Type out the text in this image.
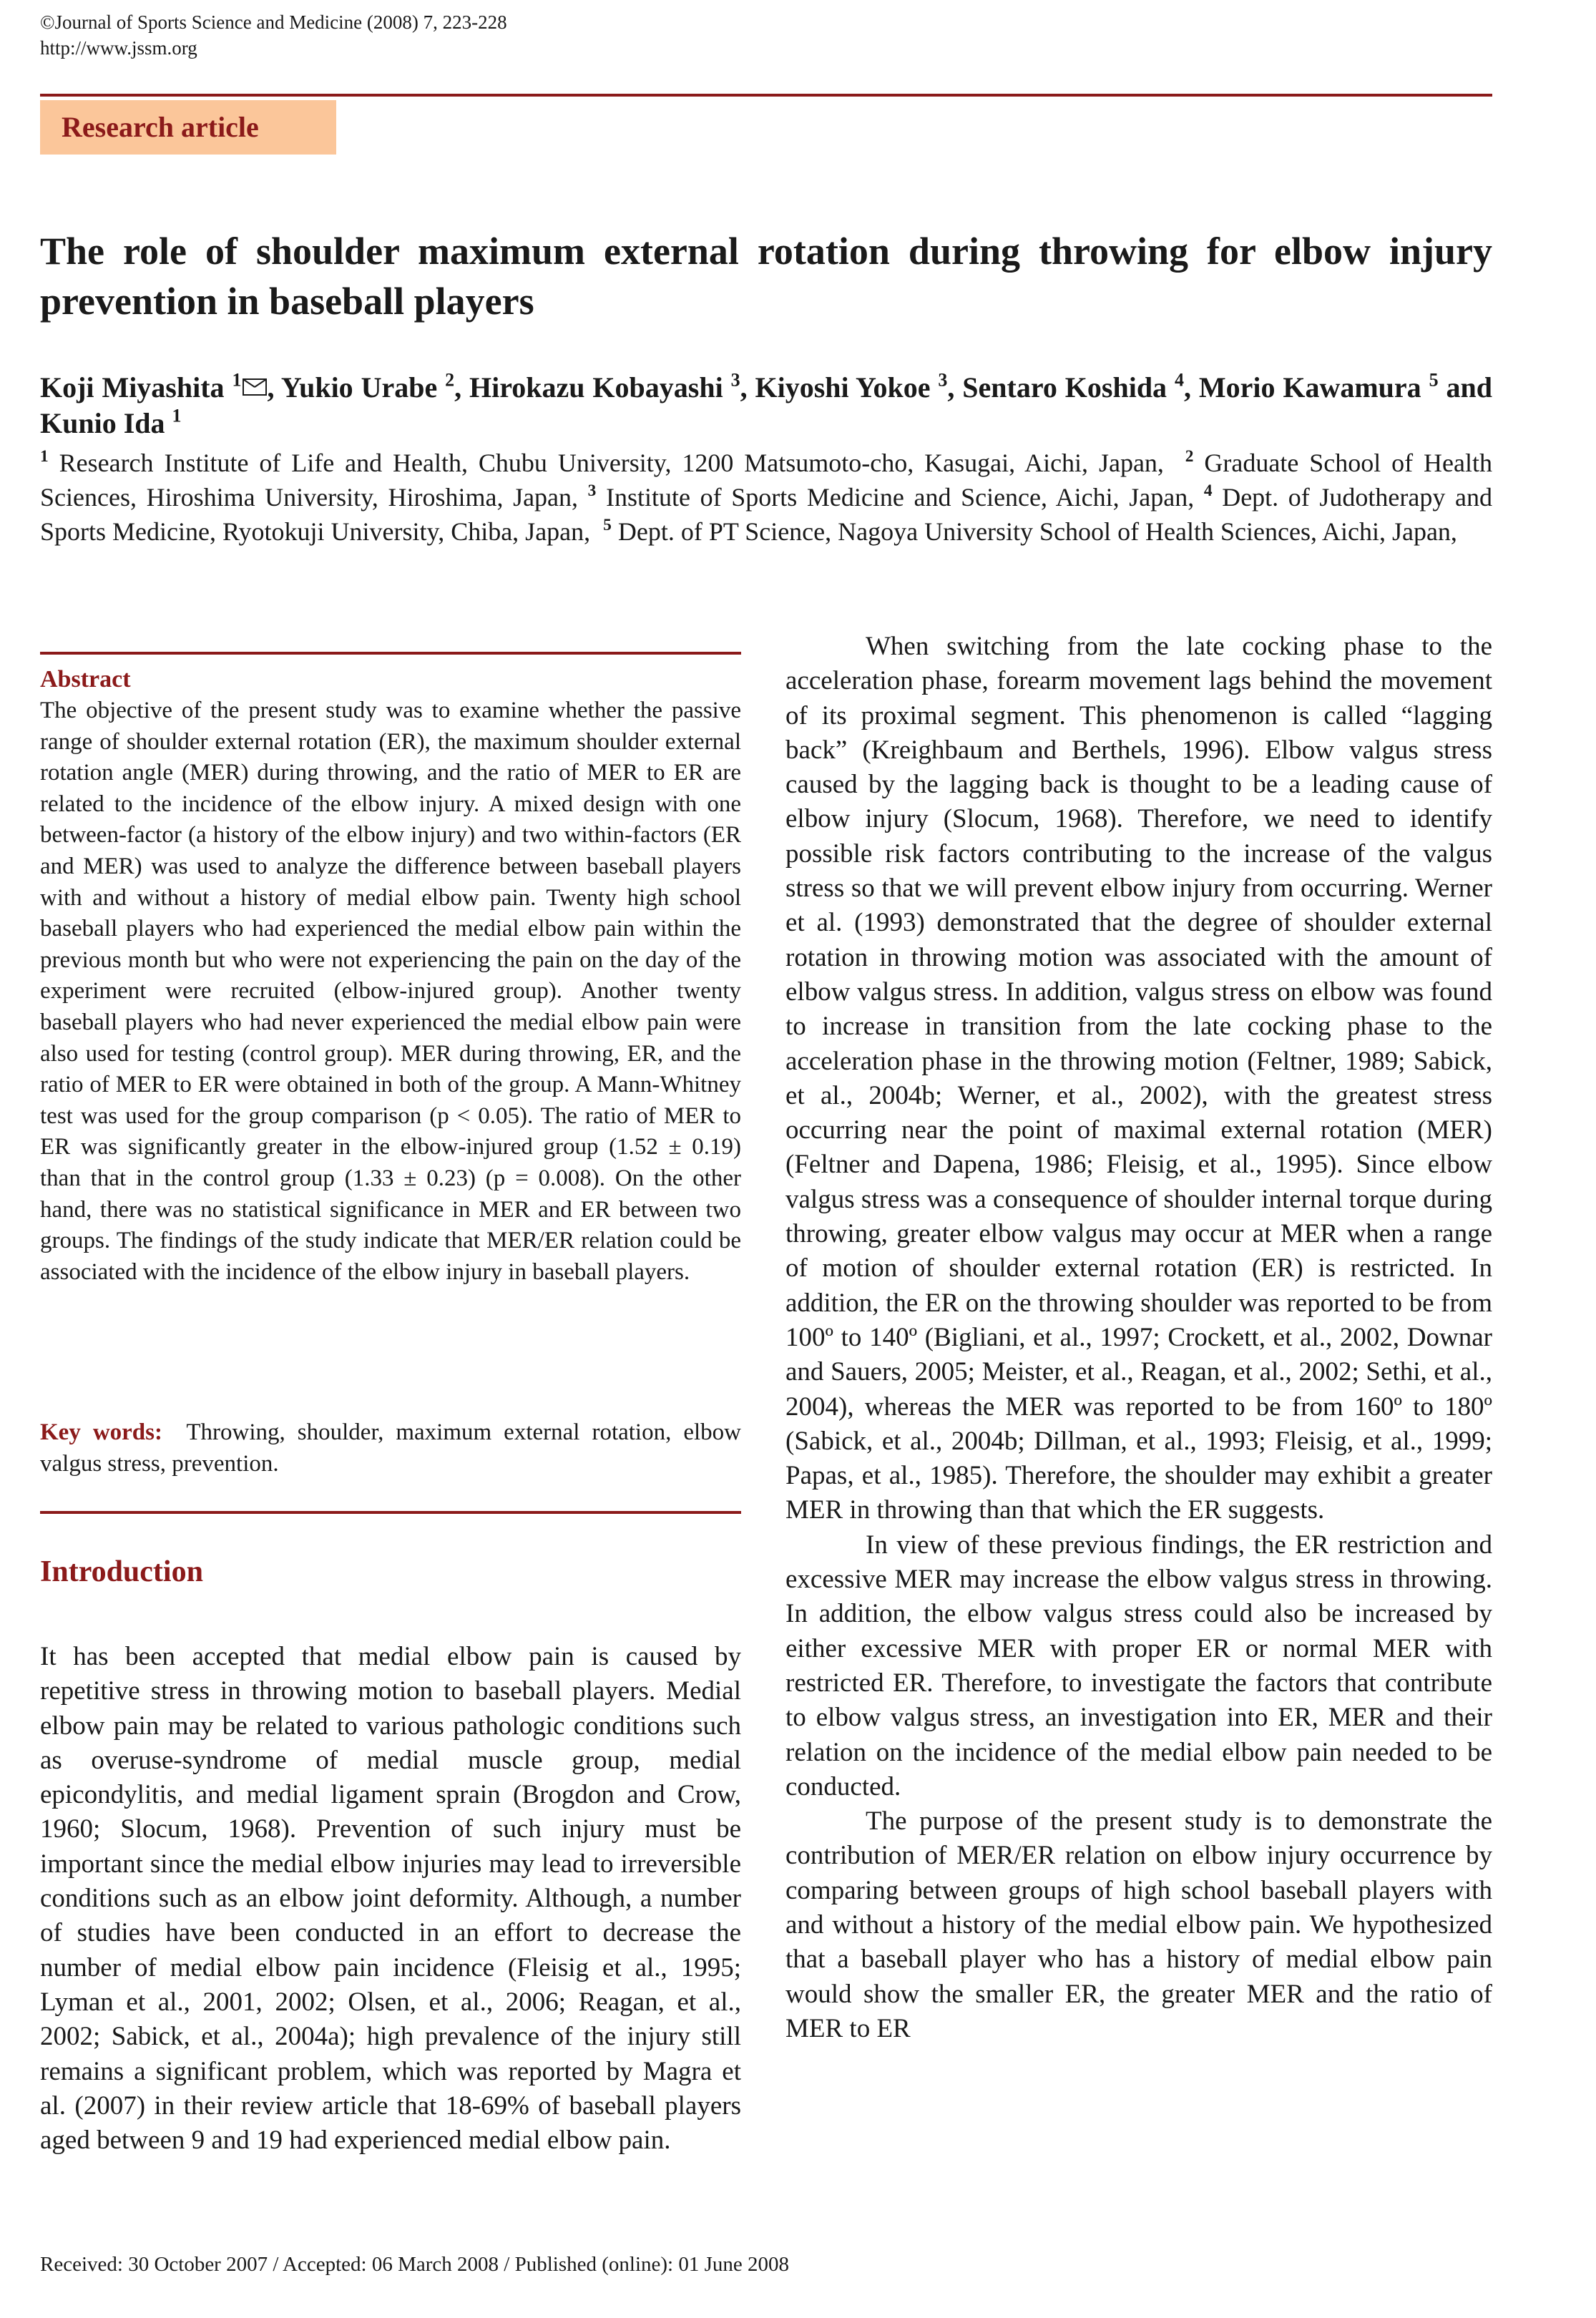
©Journal of Sports Science and Medicine (2008) 7, 223-228
http://www.jssm.org
Research article
The role of shoulder maximum external rotation during throwing for elbow injury prevention in baseball players
Koji Miyashita $^1$ , Yukio Urabe $^2$, Hirokazu Kobayashi $^3$, Kiyoshi Yokoe $^3$, Sentaro Koshida $^4$, Morio Kawamura $^5$ and Kunio Ida $^1$
$^1$ Research Institute of Life and Health, Chubu University, 1200 Matsumoto-cho, Kasugai, Aichi, Japan,  $^2$ Graduate School of Health Sciences, Hiroshima University, Hiroshima, Japan, $^3$ Institute of Sports Medicine and Science, Aichi, Japan, $^4$ Dept. of Judotherapy and Sports Medicine, Ryotokuji University, Chiba, Japan,  $^5$ Dept. of PT Science, Nagoya University School of Health Sciences, Aichi, Japan,
Abstract
The objective of the present study was to examine whether the passive range of shoulder external rotation (ER), the maximum shoulder external rotation angle (MER) during throwing, and the ratio of MER to ER are related to the incidence of the elbow injury. A mixed design with one between-factor (a history of the elbow injury) and two within-factors (ER and MER) was used to analyze the difference between baseball players with and without a history of medial elbow pain. Twenty high school baseball players who had experienced the medial elbow pain within the previous month but who were not experiencing the pain on the day of the experiment were recruited (elbow-injured group). Another twenty baseball players who had never experienced the medial elbow pain were also used for testing (control group). MER during throwing, ER, and the ratio of MER to ER were obtained in both of the group. A Mann-Whitney test was used for the group comparison (p < 0.05). The ratio of MER to ER was significantly greater in the elbow-injured group (1.52 ± 0.19) than that in the control group (1.33 ± 0.23) (p = 0.008). On the other hand, there was no statistical significance in MER and ER between two groups. The findings of the study indicate that MER/ER relation could be associated with the incidence of the elbow injury in baseball players.
Key words: Throwing, shoulder, maximum external rotation, elbow valgus stress, prevention.
Introduction
It has been accepted that medial elbow pain is caused by repetitive stress in throwing motion to baseball players. Medial elbow pain may be related to various pathologic conditions such as overuse-syndrome of medial muscle group, medial epicondylitis, and medial ligament sprain (Brogdon and Crow, 1960; Slocum, 1968). Prevention of such injury must be important since the medial elbow injuries may lead to irreversible conditions such as an elbow joint deformity. Although, a number of studies have been conducted in an effort to decrease the number of medial elbow pain incidence (Fleisig et al., 1995; Lyman et al., 2001, 2002; Olsen, et al., 2006; Reagan, et al., 2002; Sabick, et al., 2004a); high prevalence of the injury still remains a significant problem, which was reported by Magra et al. (2007) in their review article that 18-69% of baseball players aged between 9 and 19 had experienced medial elbow pain.

When switching from the late cocking phase to the acceleration phase, forearm movement lags behind the movement of its proximal segment. This phenomenon is called “lagging back” (Kreighbaum and Berthels, 1996). Elbow valgus stress caused by the lagging back is thought to be a leading cause of elbow injury (Slocum, 1968). Therefore, we need to identify possible risk factors contributing to the increase of the valgus stress so that we will prevent elbow injury from occurring. Werner et al. (1993) demonstrated that the degree of shoulder external rotation in throwing motion was associated with the amount of elbow valgus stress. In addition, valgus stress on elbow was found to increase in transition from the late cocking phase to the acceleration phase in the throwing motion (Feltner, 1989; Sabick, et al., 2004b; Werner, et al., 2002), with the greatest stress occurring near the point of maximal external rotation (MER) (Feltner and Dapena, 1986; Fleisig, et al., 1995). Since elbow valgus stress was a consequence of shoulder internal torque during throwing, greater elbow valgus may occur at MER when a range of motion of shoulder external rotation (ER) is restricted. In addition, the ER on the throwing shoulder was reported to be from 100º to 140º (Bigliani, et al., 1997; Crockett, et al., 2002, Downar and Sauers, 2005; Meister, et al., Reagan, et al., 2002; Sethi, et al., 2004), whereas the MER was reported to be from 160º to 180º (Sabick, et al., 2004b; Dillman, et al., 1993; Fleisig, et al., 1999; Papas, et al., 1985). Therefore, the shoulder may exhibit a greater MER in throwing than that which the ER suggests.

In view of these previous findings, the ER restriction and excessive MER may increase the elbow valgus stress in throwing. In addition, the elbow valgus stress could also be increased by either excessive MER with proper ER or normal MER with restricted ER. Therefore, to investigate the factors that contribute to elbow valgus stress, an investigation into ER, MER and their relation on the incidence of the medial elbow pain needed to be conducted.

The purpose of the present study is to demonstrate the contribution of MER/ER relation on elbow injury occurrence by comparing between groups of high school baseball players with and without a history of the medial elbow pain. We hypothesized that a baseball player who has a history of medial elbow pain would show the smaller ER, the greater MER and the ratio of MER to ER

Received: 30 October 2007 / Accepted: 06 March 2008 / Published (online): 01 June 2008
